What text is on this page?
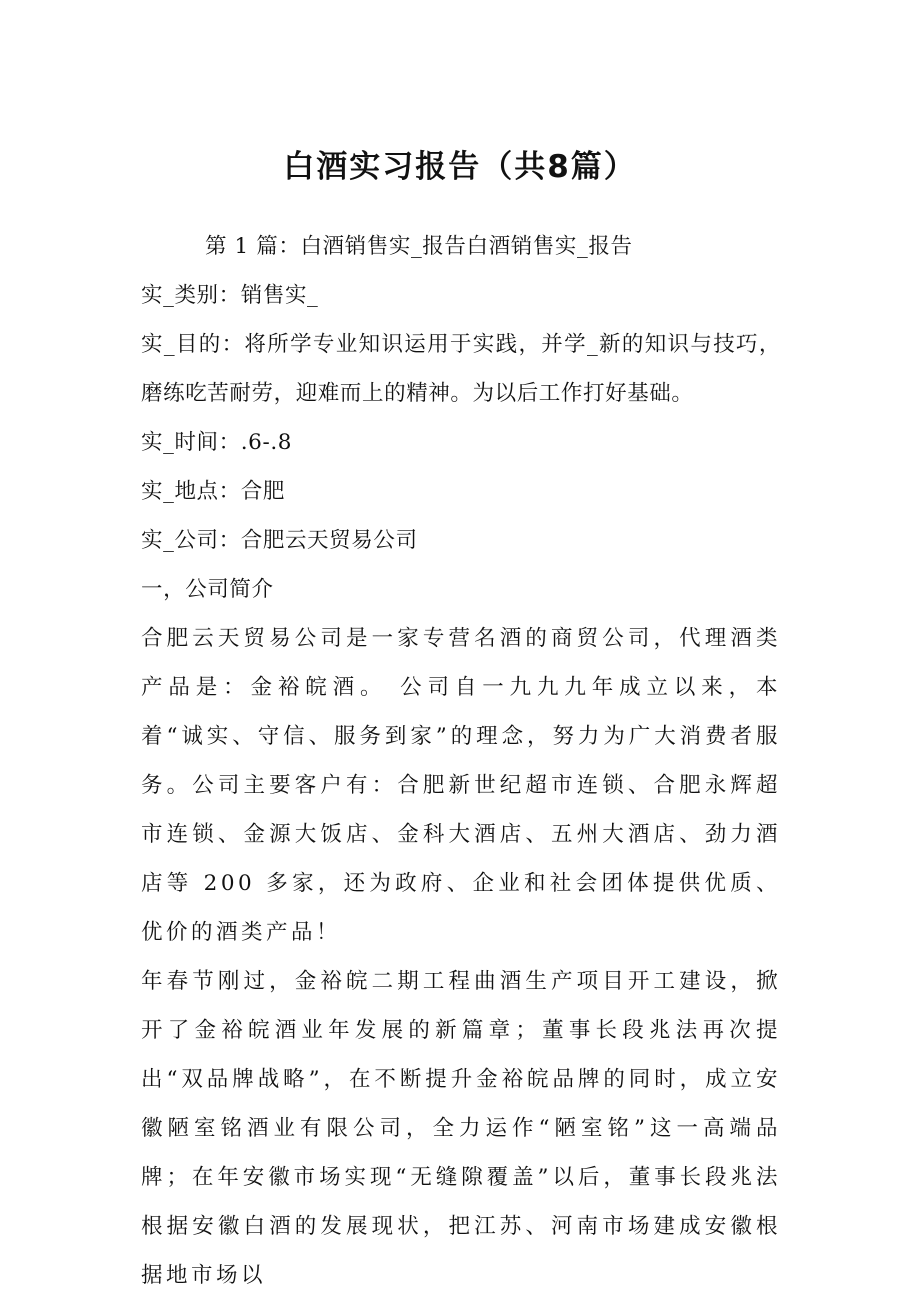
白酒实习报告（共8篇）

第 1 篇：白酒销售实_报告白酒销售实_报告

实_类别：销售实_

实_目的：将所学专业知识运用于实践，并学_新的知识与技巧，磨练吃苦耐劳，迎难而上的精神。为以后工作打好基础。

实_时间：.6-.8

实_地点：合肥

实_公司：合肥云天贸易公司

一，公司简介

合肥云天贸易公司是一家专营名酒的商贸公司，代理酒类产品是：金裕皖酒。 公司自一九九九年成立以来，本着“诚实、守信、服务到家”的理念，努力为广大消费者服务。公司主要客户有：合肥新世纪超市连锁、合肥永辉超市连锁、金源大饭店、金科大酒店、五州大酒店、劲力酒店等 200 多家，还为政府、企业和社会团体提供优质、优价的酒类产品！

年春节刚过，金裕皖二期工程曲酒生产项目开工建设，掀开了金裕皖酒业年发展的新篇章；董事长段兆法再次提出“双品牌战略”，在不断提升金裕皖品牌的同时，成立安徽陋室铭酒业有限公司，全力运作“陋室铭”这一高端品牌；在年安徽市场实现“无缝隙覆盖”以后，董事长段兆法根据安徽白酒的发展现状，把江苏、河南市场建成安徽根据地市场以
